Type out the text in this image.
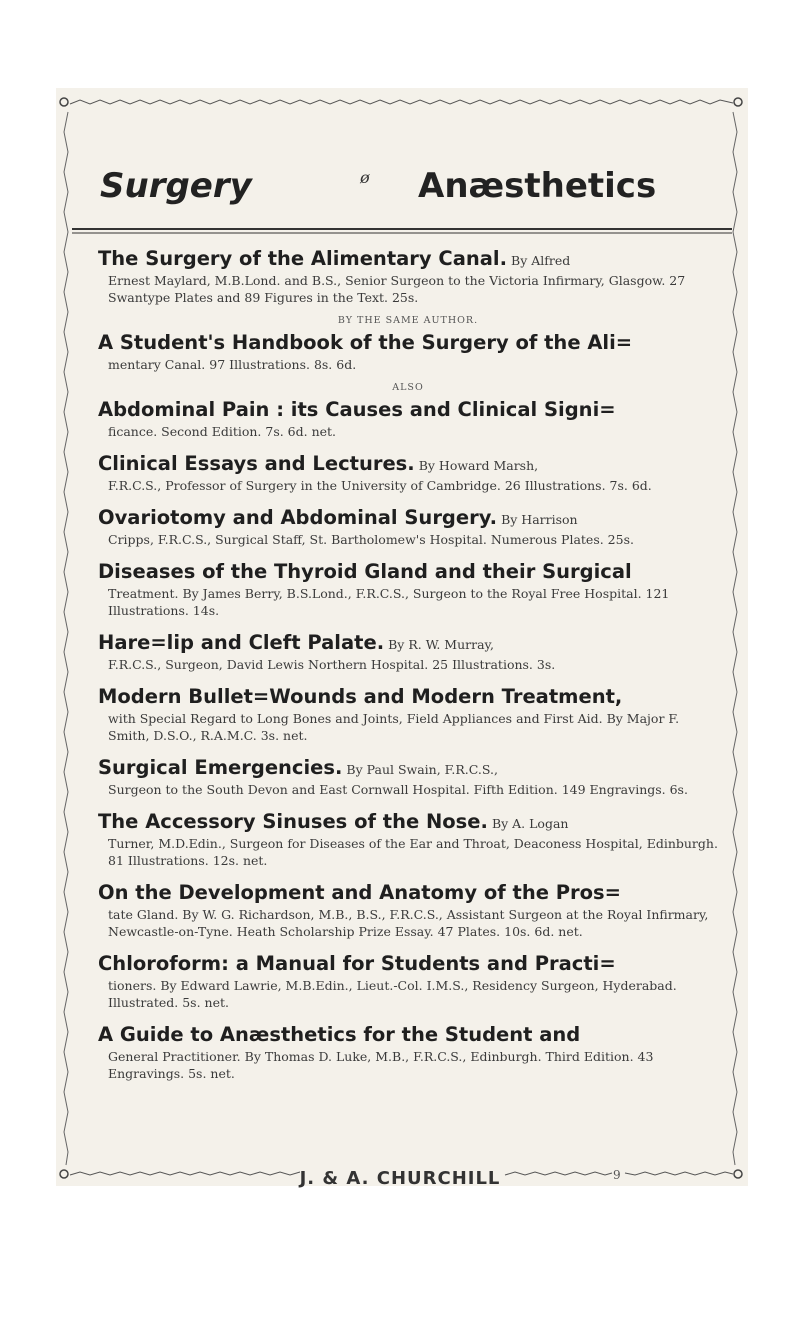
Surgery	ø Anæsthetics
The Surgery of the Alimentary Canal. By Alfred
Ernest Maylard, M.B.Lond. and B.S., Senior Surgeon to the Victoria Infirmary, Glasgow. 27 Swantype Plates and 89 Figures in the Text. 25s.
BY THE SAME AUTHOR.
A Student's Handbook of the Surgery of the Ali=
mentary Canal. 97 Illustrations. 8s. 6d.
ALSO
Abdominal Pain : its Causes and Clinical Signi=
ficance. Second Edition. 7s. 6d. net.
Clinical Essays and Lectures. By Howard Marsh,
F.R.C.S., Professor of Surgery in the University of Cambridge. 26 Illustrations. 7s. 6d.
Ovariotomy and Abdominal Surgery. By Harrison
Cripps, F.R.C.S., Surgical Staff, St. Bartholomew's Hospital. Numerous Plates. 25s.
Diseases of the Thyroid Gland and their Surgical
Treatment. By James Berry, B.S.Lond., F.R.C.S., Surgeon to the Royal Free Hospital. 121 Illustrations. 14s.
Hare=lip and Cleft Palate. By R. W. Murray,
F.R.C.S., Surgeon, David Lewis Northern Hospital. 25 Illustrations. 3s.
Modern Bullet=Wounds and Modern Treatment,
with Special Regard to Long Bones and Joints, Field Appliances and First Aid. By Major F. Smith, D.S.O., R.A.M.C. 3s. net.
Surgical Emergencies. By Paul Swain, F.R.C.S.,
Surgeon to the South Devon and East Cornwall Hospital. Fifth Edition. 149 Engravings. 6s.
The Accessory Sinuses of the Nose. By A. Logan
Turner, M.D.Edin., Surgeon for Diseases of the Ear and Throat, Deaconess Hospital, Edinburgh. 81 Illustrations. 12s. net.
On the Development and Anatomy of the Pros=
tate Gland. By W. G. Richardson, M.B., B.S., F.R.C.S., Assistant Surgeon at the Royal Infirmary, Newcastle-on-Tyne. Heath Scholarship Prize Essay. 47 Plates. 10s. 6d. net.
Chloroform: a Manual for Students and Practi=
tioners. By Edward Lawrie, M.B.Edin., Lieut.-Col. I.M.S., Residency Surgeon, Hyderabad. Illustrated. 5s. net.
A Guide to Anæsthetics for the Student and
General Practitioner. By Thomas D. Luke, M.B., F.R.C.S., Edinburgh. Third Edition. 43 Engravings. 5s. net.
J. & A. CHURCHILL	9
